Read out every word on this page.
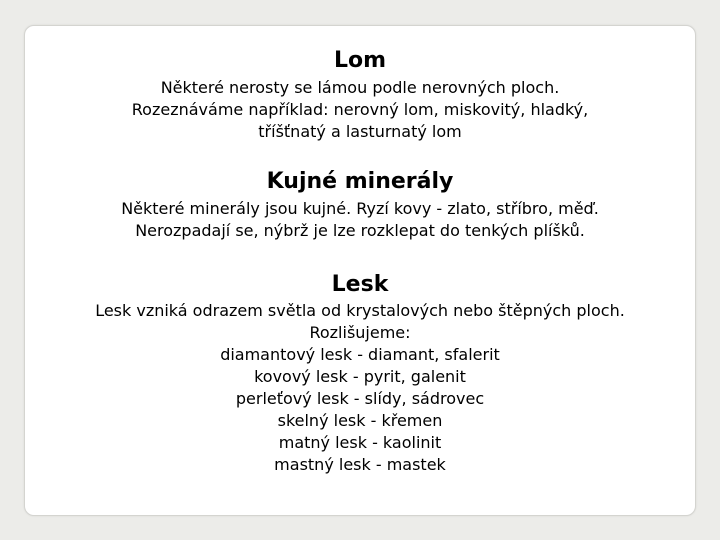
Lom
Některé nerosty se lámou podle nerovných ploch.
Rozeznáváme například: nerovný lom, miskovitý, hladký,
tříšťnatý a lasturnatý lom
Kujné minerály
Některé minerály jsou kujné. Ryzí kovy - zlato, stříbro, měď.
Nerozpadají se, nýbrž je lze rozklepat do tenkých plíšků.
Lesk
Lesk vzniká odrazem světla od krystalových nebo štěpných ploch.
Rozlišujeme:
diamantový lesk - diamant, sfalerit
kovový lesk - pyrit, galenit
perleťový lesk - slídy, sádrovec
skelný lesk - křemen
matný lesk - kaolinit
mastný lesk - mastek
